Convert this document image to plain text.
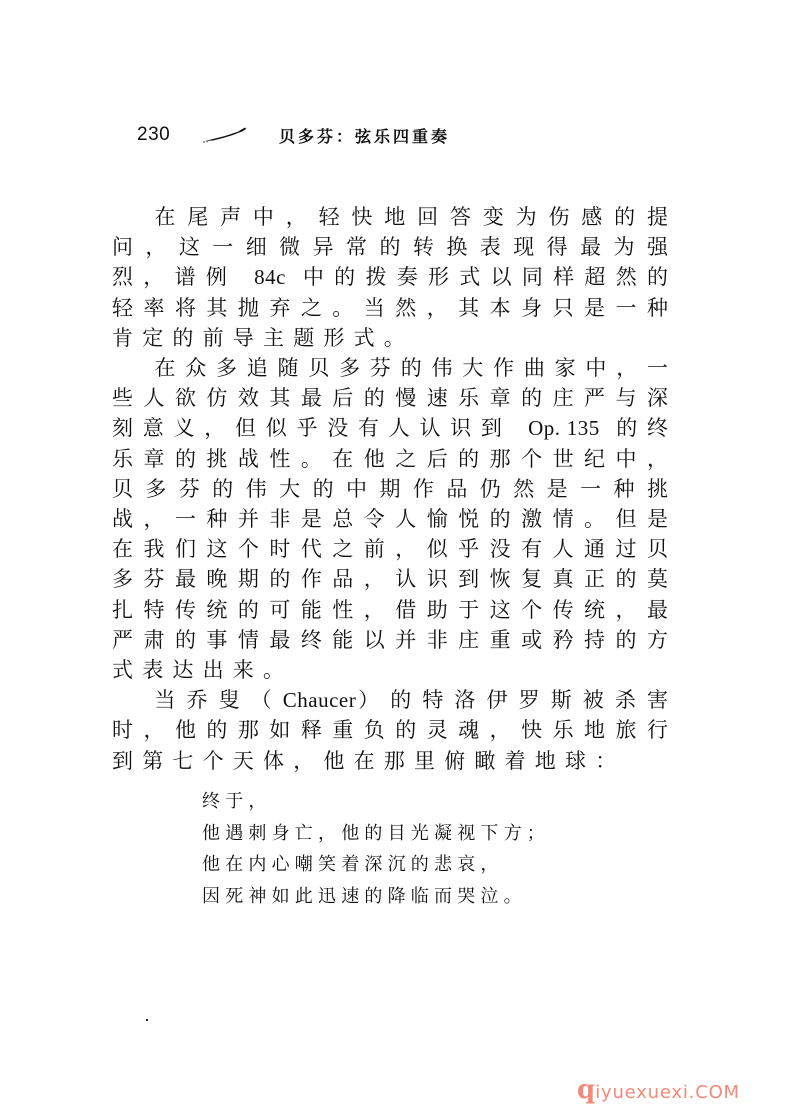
230	贝多芬：弦乐四重奏

在尾声中，轻快地回答变为伤感的提问，这一细微异常的转换表现得最为强烈，谱例 84c 中的拨奏形式以同样超然的轻率将其抛弃之。当然，其本身只是一种肯定的前导主题形式。

在众多追随贝多芬的伟大作曲家中，一些人欲仿效其最后的慢速乐章的庄严与深刻意义，但似乎没有人认识到 Op. 135 的终乐章的挑战性。在他之后的那个世纪中，贝多芬的伟大的中期作品仍然是一种挑战，一种并非是总令人愉悦的激情。但是在我们这个时代之前，似乎没有人通过贝多芬最晚期的作品，认识到恢复真正的莫扎特传统的可能性，借助于这个传统，最严肃的事情最终能以并非庄重或矜持的方式表达出来。

当乔叟（Chaucer）的特洛伊罗斯被杀害时，他的那如释重负的灵魂，快乐地旅行到第七个天体，他在那里俯瞰着地球：

终于，
他遇刺身亡，他的目光凝视下方；
他在内心嘲笑着深沉的悲哀，
因死神如此迅速的降临而哭泣。
q iyuexuexi.COM
